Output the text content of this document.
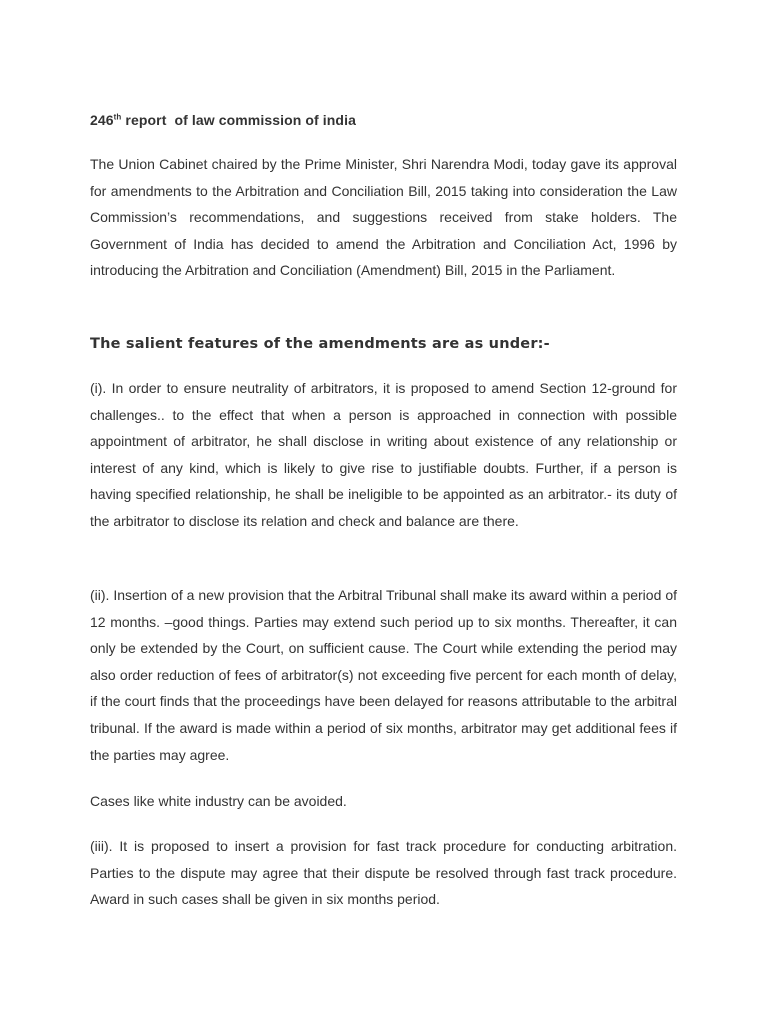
246th report  of law commission of india

The Union Cabinet chaired by the Prime Minister, Shri Narendra Modi, today gave its approval for amendments to the Arbitration and Conciliation Bill, 2015 taking into consideration the Law Commission’s recommendations, and suggestions received from stake holders. The Government of India has decided to amend the Arbitration and Conciliation Act, 1996 by introducing the Arbitration and Conciliation (Amendment) Bill, 2015 in the Parliament.

The salient features of the amendments are as under:-

(i). In order to ensure neutrality of arbitrators, it is proposed to amend Section 12-ground for challenges.. to the effect that when a person is approached in connection with possible appointment of arbitrator, he shall disclose in writing about existence of any relationship or interest of any kind, which is likely to give rise to justifiable doubts. Further, if a person is having specified relationship, he shall be ineligible to be appointed as an arbitrator.- its duty of the arbitrator to disclose its relation and check and balance are there.

(ii). Insertion of a new provision that the Arbitral Tribunal shall make its award within a period of 12 months. –good things. Parties may extend such period up to six months. Thereafter, it can only be extended by the Court, on sufficient cause. The Court while extending the period may also order reduction of fees of arbitrator(s) not exceeding five percent for each month of delay, if the court finds that the proceedings have been delayed for reasons attributable to the arbitral tribunal. If the award is made within a period of six months, arbitrator may get additional fees if the parties may agree.

Cases like white industry can be avoided.

(iii). It is proposed to insert a provision for fast track procedure for conducting arbitration. Parties to the dispute may agree that their dispute be resolved through fast track procedure. Award in such cases shall be given in six months period.
